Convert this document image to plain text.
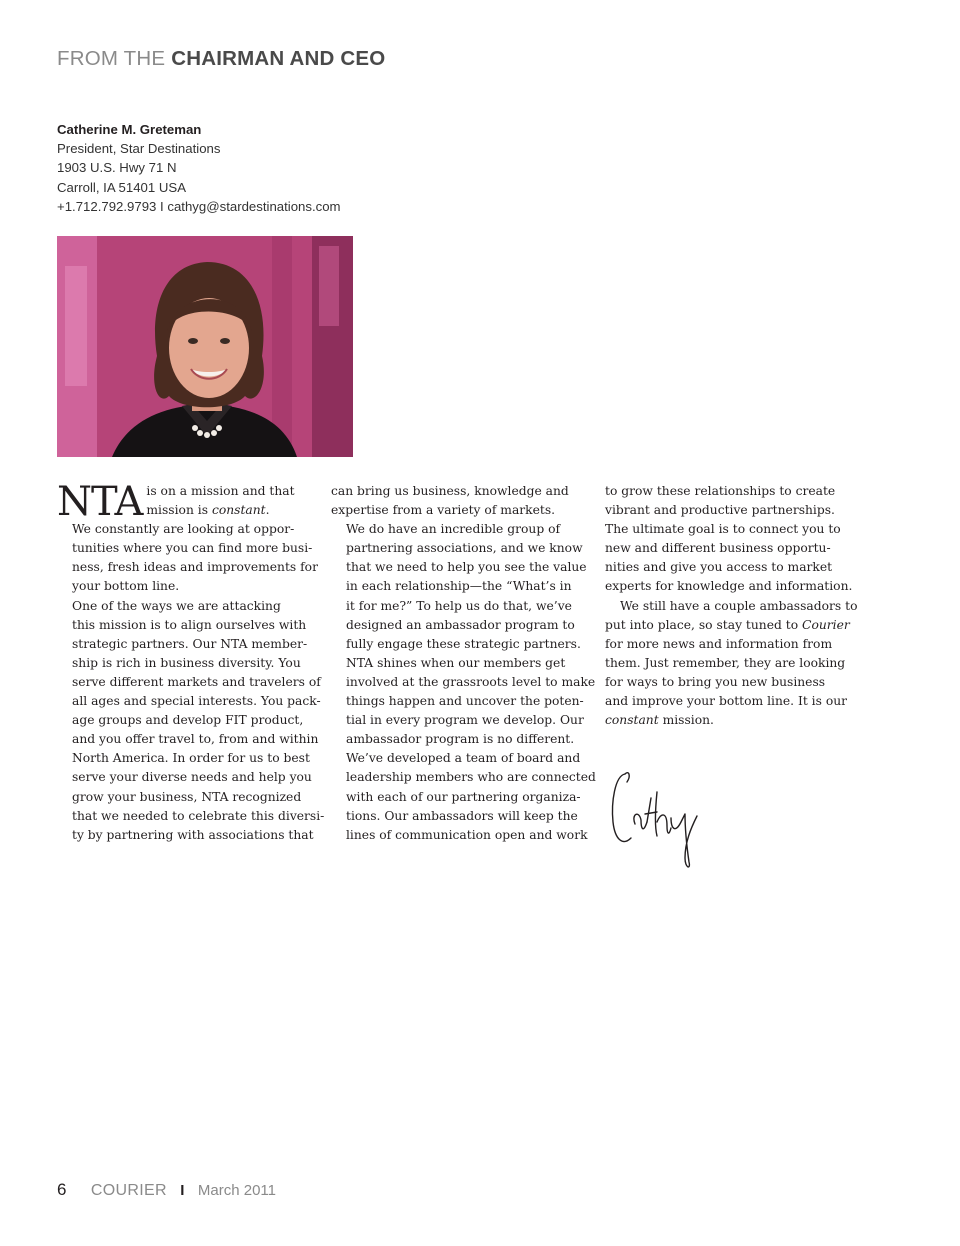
FROM THE CHAIRMAN AND CEO
Catherine M. Greteman
President, Star Destinations
1903 U.S. Hwy 71 N
Carroll, IA 51401 USA
+1.712.792.9793 I cathyg@stardestinations.com

NTA is on a mission and that
mission is constant.

We constantly are looking at oppor-
tunities where you can find more busi-
ness, fresh ideas and improvements for
your bottom line.

One of the ways we are attacking
this mission is to align ourselves with
strategic partners. Our NTA member-
ship is rich in business diversity. You
serve different markets and travelers of
all ages and special interests. You pack-
age groups and develop FIT product,
and you offer travel to, from and within
North America. In order for us to best
serve your diverse needs and help you
grow your business, NTA recognized
that we needed to celebrate this diversi-
ty by partnering with associations that

can bring us business, knowledge and
expertise from a variety of markets.

We do have an incredible group of
partnering associations, and we know
that we need to help you see the value
in each relationship—the “What’s in
it for me?” To help us do that, we’ve
designed an ambassador program to
fully engage these strategic partners.

NTA shines when our members get
involved at the grassroots level to make
things happen and uncover the poten-
tial in every program we develop. Our
ambassador program is no different.
We’ve developed a team of board and
leadership members who are connected
with each of our partnering organiza-
tions. Our ambassadors will keep the
lines of communication open and work

to grow these relationships to create
vibrant and productive partnerships.
The ultimate goal is to connect you to
new and different business opportu-
nities and give you access to market
experts for knowledge and information.

We still have a couple ambassadors to
put into place, so stay tuned to Courier
for more news and information from
them. Just remember, they are looking
for ways to bring you new business
and improve your bottom line. It is our
constant mission.

6 COURIER I March 2011
